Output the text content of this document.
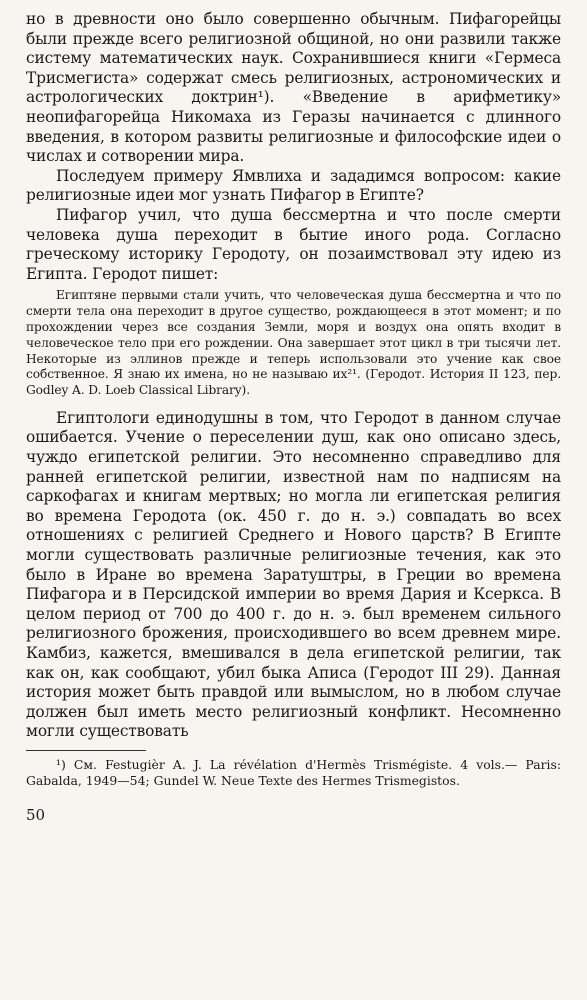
но в древности оно было совершенно обычным. Пифагорейцы были прежде всего религиозной общиной, но они развили также систему математических наук. Сохранившиеся книги «Гермеса Трисмегиста» содержат смесь религиозных, астрономических и астрологических доктрин¹). «Введение в арифметику» неопифагорейца Никомаха из Геразы начинается с длинного введения, в котором развиты религиозные и философские идеи о числах и сотворении мира.

Последуем примеру Ямвлиха и зададимся вопросом: какие религиозные идеи мог узнать Пифагор в Египте?

Пифагор учил, что душа бессмертна и что после смерти человека душа переходит в бытие иного рода. Согласно греческому историку Геродоту, он позаимствовал эту идею из Египта. Геродот пишет:

Египтяне первыми стали учить, что человеческая душа бессмертна и что по смерти тела она переходит в другое существо, рождающееся в этот момент; и по прохождении через все создания Земли, моря и воздух она опять входит в человеческое тело при его рождении. Она завершает этот цикл в три тысячи лет. Некоторые из эллинов прежде и теперь использовали это учение как свое собственное. Я знаю их имена, но не называю их²¹. (Геродот. История II 123, пер. Godley A. D. Loeb Classical Library).

Египтологи единодушны в том, что Геродот в данном случае ошибается. Учение о переселении душ, как оно описано здесь, чуждо египетской религии. Это несомненно справедливо для ранней египетской религии, известной нам по надписям на саркофагах и книгам мертвых; но могла ли египетская религия во времена Геродота (ок. 450 г. до н. э.) совпадать во всех отношениях с религией Среднего и Нового царств? В Египте могли существовать различные религиозные течения, как это было в Иране во времена Заратуштры, в Греции во времена Пифагора и в Персидской империи во время Дария и Ксеркса. В целом период от 700 до 400 г. до н. э. был временем сильного религиозного брожения, происходившего во всем древнем мире. Камбиз, кажется, вмешивался в дела египетской религии, так как он, как сообщают, убил быка Аписа (Геродот III 29). Данная история может быть правдой или вымыслом, но в любом случае должен был иметь место религиозный конфликт. Несомненно могли существовать

¹) См. Festugièr A. J. La révélation d'Hermès Trismégiste. 4 vols.— Paris: Gabalda, 1949—54; Gundel W. Neue Texte des Hermes Trismegistos.

50
